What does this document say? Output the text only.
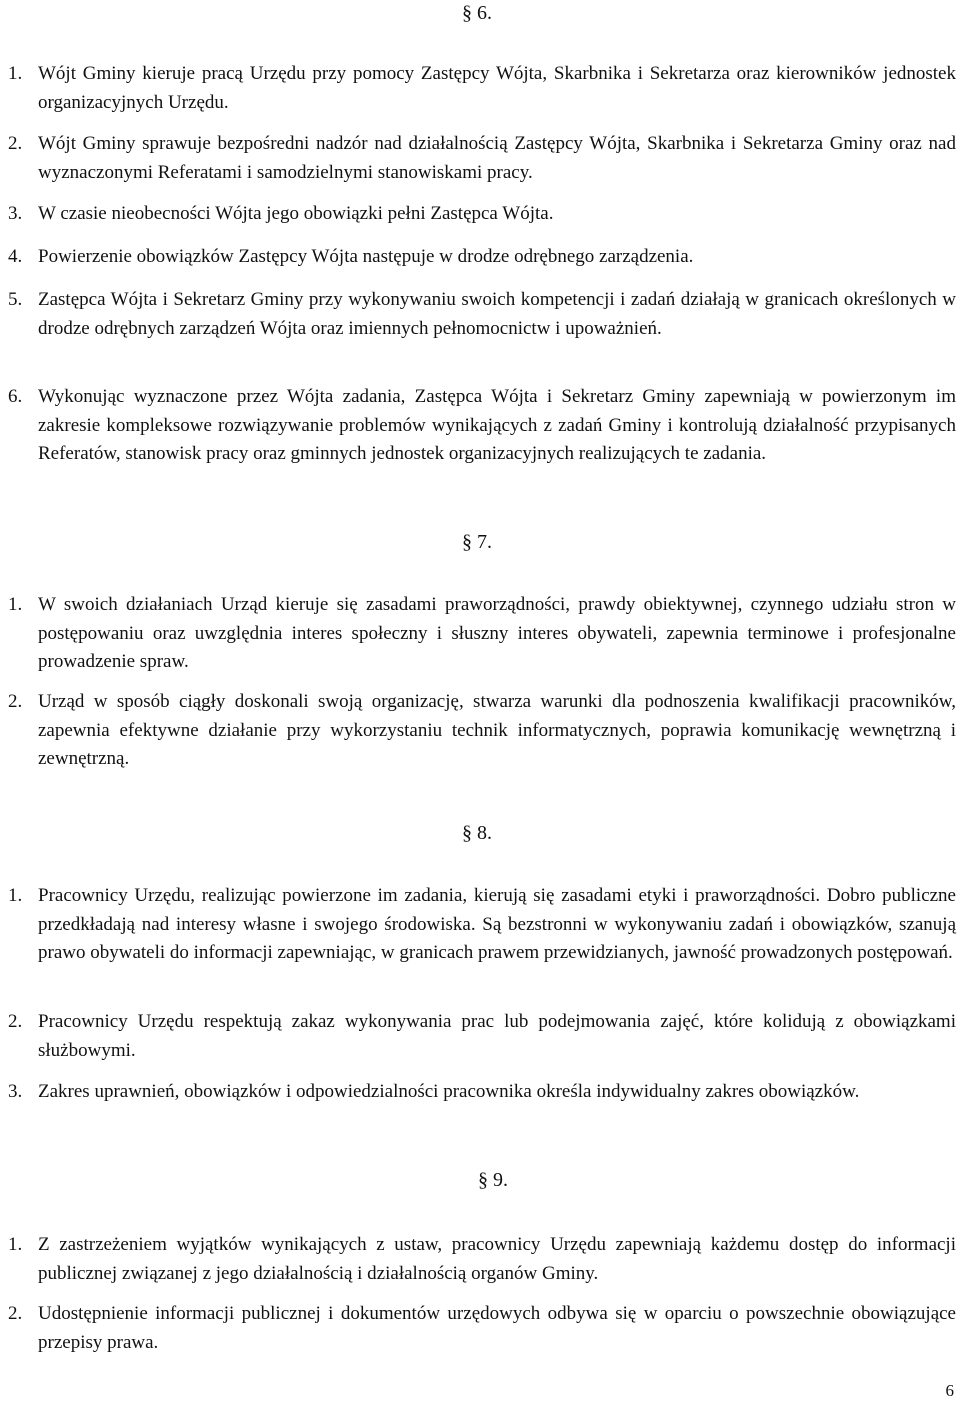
§ 6.
1. Wójt Gminy kieruje pracą Urzędu przy pomocy Zastępcy Wójta, Skarbnika i Sekretarza oraz kierowników jednostek organizacyjnych Urzędu.
2. Wójt Gminy sprawuje bezpośredni nadzór nad działalnością Zastępcy Wójta, Skarbnika i Sekretarza Gminy oraz nad wyznaczonymi Referatami i samodzielnymi stanowiskami pracy.
3. W czasie nieobecności Wójta jego obowiązki pełni Zastępca Wójta.
4. Powierzenie obowiązków Zastępcy Wójta następuje w drodze odrębnego zarządzenia.
5. Zastępca Wójta i Sekretarz Gminy przy wykonywaniu swoich kompetencji i zadań działają w granicach określonych w drodze odrębnych zarządzeń Wójta oraz imiennych pełnomocnictw i upoważnień.
6. Wykonując wyznaczone przez Wójta zadania, Zastępca Wójta i Sekretarz Gminy zapewniają w powierzonym im zakresie kompleksowe rozwiązywanie problemów wynikających z zadań Gminy i kontrolują działalność przypisanych Referatów, stanowisk pracy oraz gminnych jednostek organizacyjnych realizujących te zadania.
§ 7.
1. W swoich działaniach Urząd kieruje się zasadami praworządności, prawdy obiektywnej, czynnego udziału stron w postępowaniu oraz uwzględnia interes społeczny i słuszny interes obywateli, zapewnia terminowe i profesjonalne prowadzenie spraw.
2. Urząd w sposób ciągły doskonali swoją organizację, stwarza warunki dla podnoszenia kwalifikacji pracowników, zapewnia efektywne działanie przy wykorzystaniu technik informatycznych, poprawia komunikację wewnętrzną i zewnętrzną.
§ 8.
1. Pracownicy Urzędu, realizując powierzone im zadania, kierują się zasadami etyki i praworządności. Dobro publiczne przedkładają nad interesy własne i swojego środowiska. Są bezstronni w wykonywaniu zadań i obowiązków, szanują prawo obywateli do informacji zapewniając, w granicach prawem przewidzianych, jawność prowadzonych postępowań.
2. Pracownicy Urzędu respektują zakaz wykonywania prac lub podejmowania zajęć, które kolidują z obowiązkami służbowymi.
3. Zakres uprawnień, obowiązków i odpowiedzialności pracownika określa indywidualny zakres obowiązków.
§ 9.
1. Z zastrzeżeniem wyjątków wynikających z ustaw, pracownicy Urzędu zapewniają każdemu dostęp do informacji publicznej związanej z jego działalnością i działalnością organów Gminy.
2. Udostępnienie informacji publicznej i dokumentów urzędowych odbywa się w oparciu o powszechnie obowiązujące przepisy prawa.
6
